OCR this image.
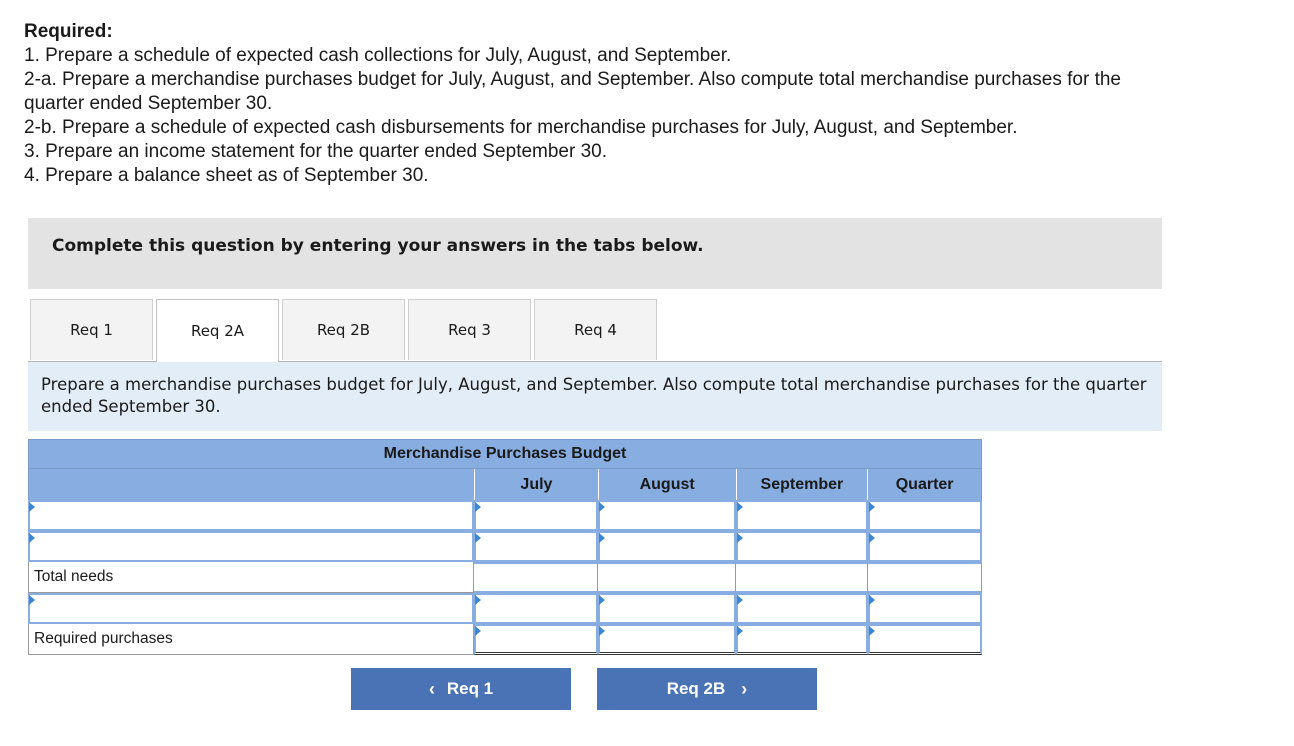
Required:
1. Prepare a schedule of expected cash collections for July, August, and September.
2-a. Prepare a merchandise purchases budget for July, August, and September. Also compute total merchandise purchases for the
quarter ended September 30.
2-b. Prepare a schedule of expected cash disbursements for merchandise purchases for July, August, and September.
3. Prepare an income statement for the quarter ended September 30.
4. Prepare a balance sheet as of September 30.
Complete this question by entering your answers in the tabs below.
Req 1	Req 2A	Req 2B	Req 3	Req 4
Prepare a merchandise purchases budget for July, August, and September. Also compute total merchandise purchases for the quarter ended September 30.
Merchandise Purchases Budget
July	August	September	Quarter
Total needs
Required purchases
‹ Req 1	Req 2B ›
